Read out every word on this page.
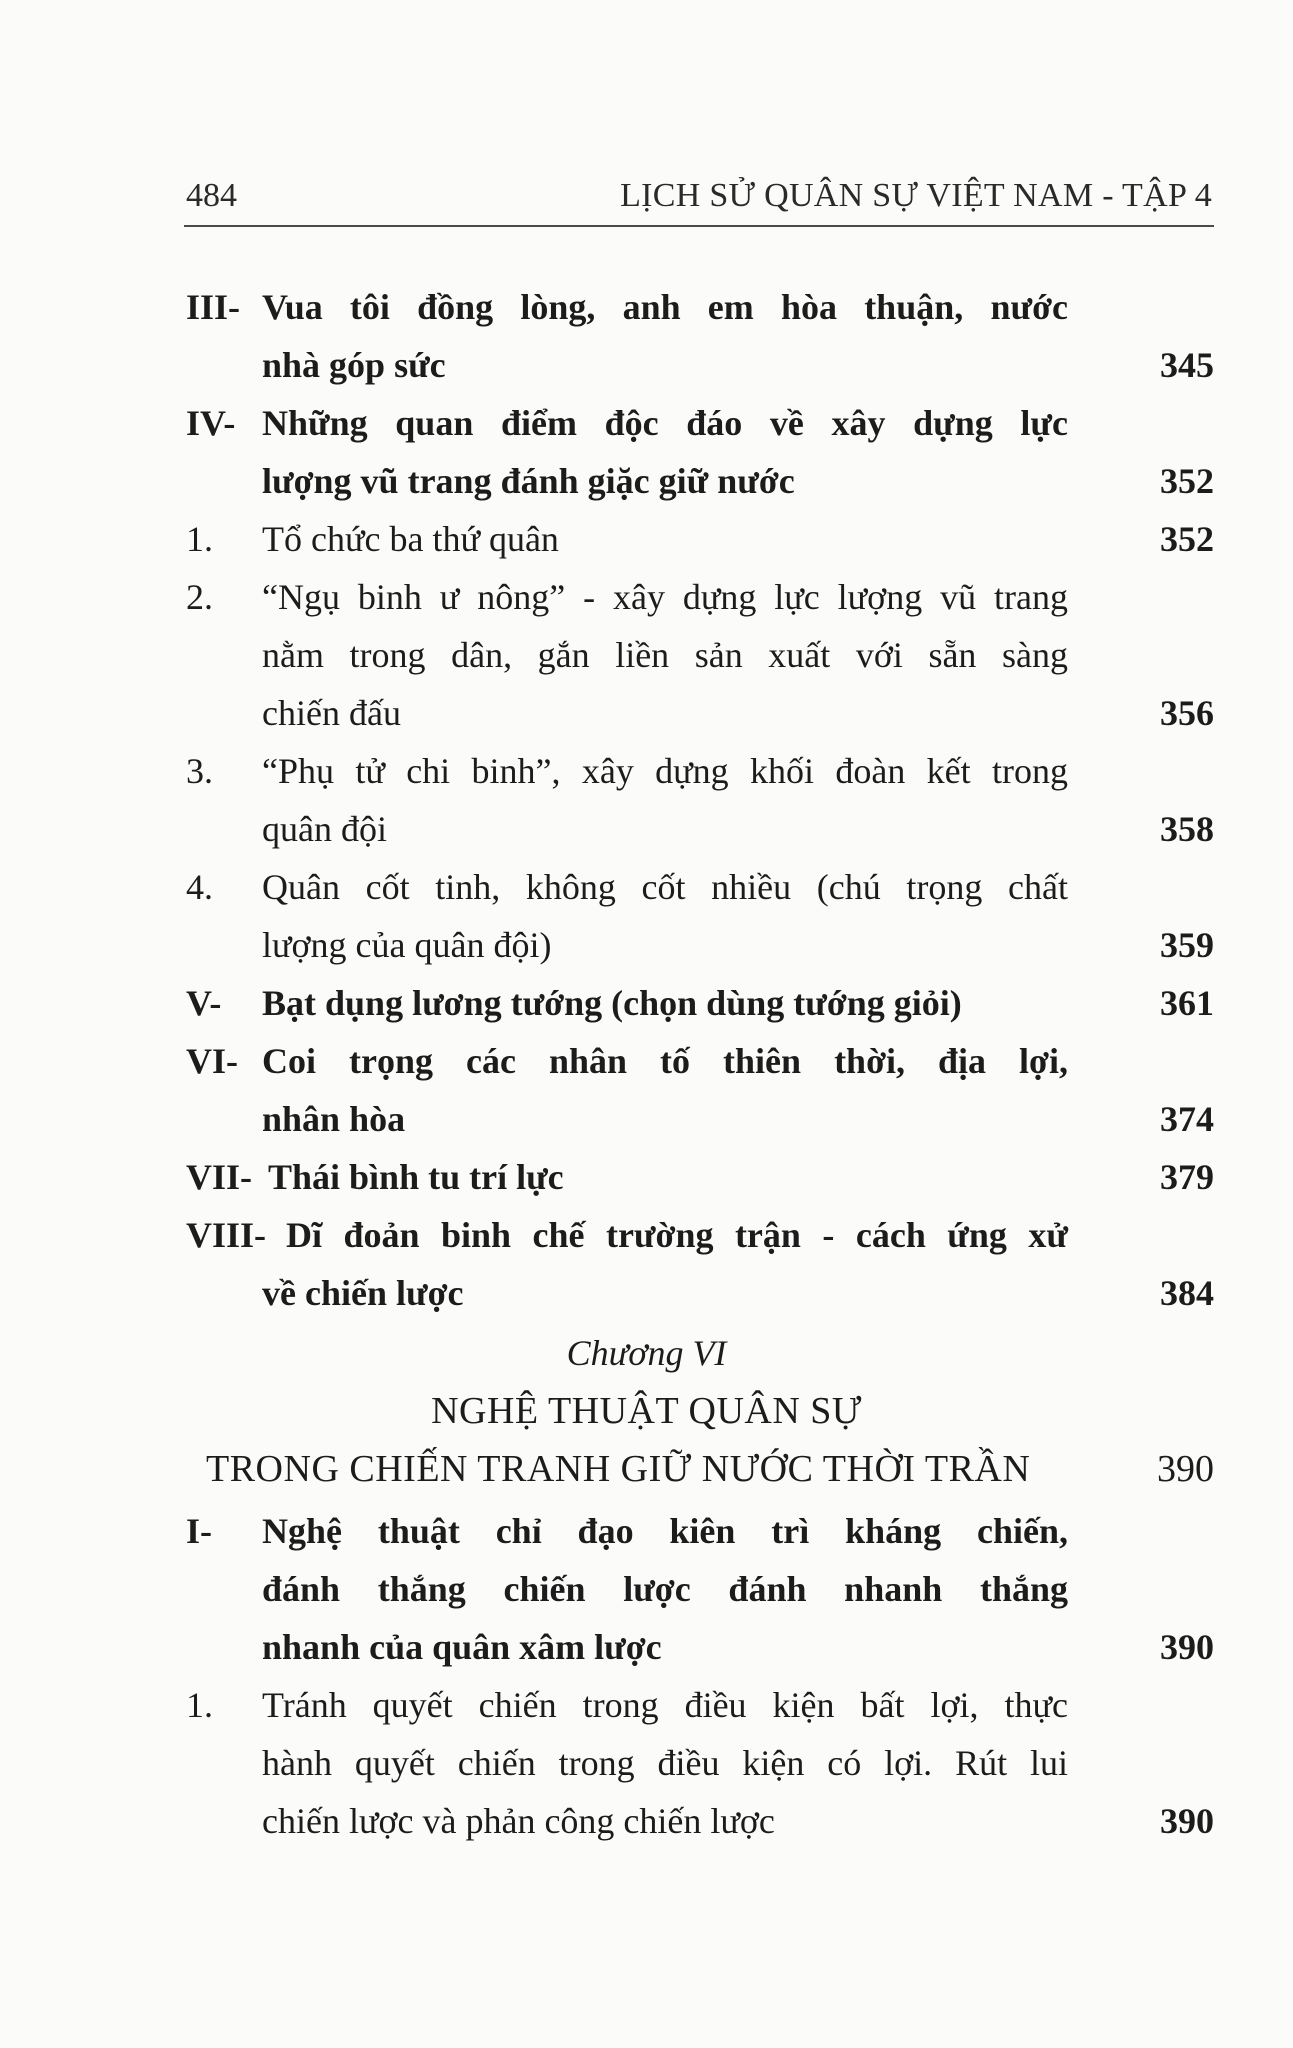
484	LỊCH SỬ QUÂN SỰ VIỆT NAM - TẬP 4
III- Vua tôi đồng lòng, anh em hòa thuận, nước
nhà góp sức	345
IV- Những quan điểm độc đáo về xây dựng lực
lượng vũ trang đánh giặc giữ nước	352
1. Tổ chức ba thứ quân	352
2. “Ngụ binh ư nông” - xây dựng lực lượng vũ trang
nằm trong dân, gắn liền sản xuất với sẵn sàng
chiến đấu	356
3. “Phụ tử chi binh”, xây dựng khối đoàn kết trong
quân đội	358
4. Quân cốt tinh, không cốt nhiều (chú trọng chất
lượng của quân đội)	359
V- Bạt dụng lương tướng (chọn dùng tướng giỏi)	361
VI- Coi trọng các nhân tố thiên thời, địa lợi,
nhân hòa	374
VII- Thái bình tu trí lực	379
VIII- Dĩ đoản binh chế trường trận - cách ứng xử
về chiến lược	384
Chương VI
NGHỆ THUẬT QUÂN SỰ
TRONG CHIẾN TRANH GIỮ NƯỚC THỜI TRẦN	390
I- Nghệ thuật chỉ đạo kiên trì kháng chiến,
đánh thắng chiến lược đánh nhanh thắng
nhanh của quân xâm lược	390
1. Tránh quyết chiến trong điều kiện bất lợi, thực
hành quyết chiến trong điều kiện có lợi. Rút lui
chiến lược và phản công chiến lược	390
